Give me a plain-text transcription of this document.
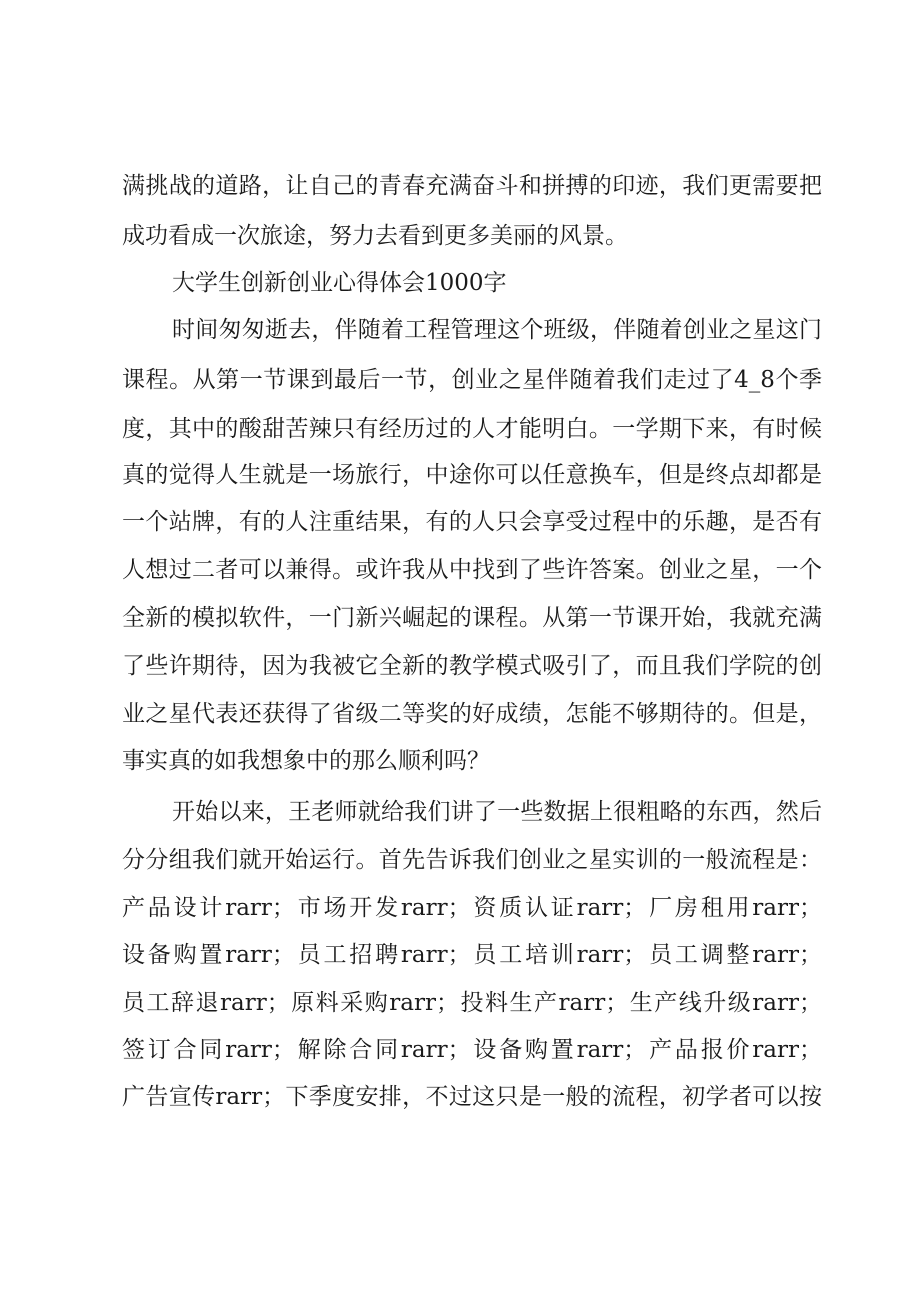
满挑战的道路，让自己的青春充满奋斗和拼搏的印迹，我们更需要把
成功看成一次旅途，努力去看到更多美丽的风景。
大学生创新创业心得体会1000字
时间匆匆逝去，伴随着工程管理这个班级，伴随着创业之星这门
课程。从第一节课到最后一节，创业之星伴随着我们走过了4_8个季
度，其中的酸甜苦辣只有经历过的人才能明白。一学期下来，有时候
真的觉得人生就是一场旅行，中途你可以任意换车，但是终点却都是
一个站牌，有的人注重结果，有的人只会享受过程中的乐趣，是否有
人想过二者可以兼得。或许我从中找到了些许答案。创业之星，一个
全新的模拟软件，一门新兴崛起的课程。从第一节课开始，我就充满
了些许期待，因为我被它全新的教学模式吸引了，而且我们学院的创
业之星代表还获得了省级二等奖的好成绩，怎能不够期待的。但是，
事实真的如我想象中的那么顺利吗？
开始以来，王老师就给我们讲了一些数据上很粗略的东西，然后
分分组我们就开始运行。首先告诉我们创业之星实训的一般流程是：
产品设计rarr；市场开发rarr；资质认证rarr；厂房租用rarr；
设备购置rarr；员工招聘rarr；员工培训rarr；员工调整rarr；
员工辞退rarr；原料采购rarr；投料生产rarr；生产线升级rarr；
签订合同rarr；解除合同rarr；设备购置rarr；产品报价rarr；
广告宣传rarr；下季度安排，不过这只是一般的流程，初学者可以按
